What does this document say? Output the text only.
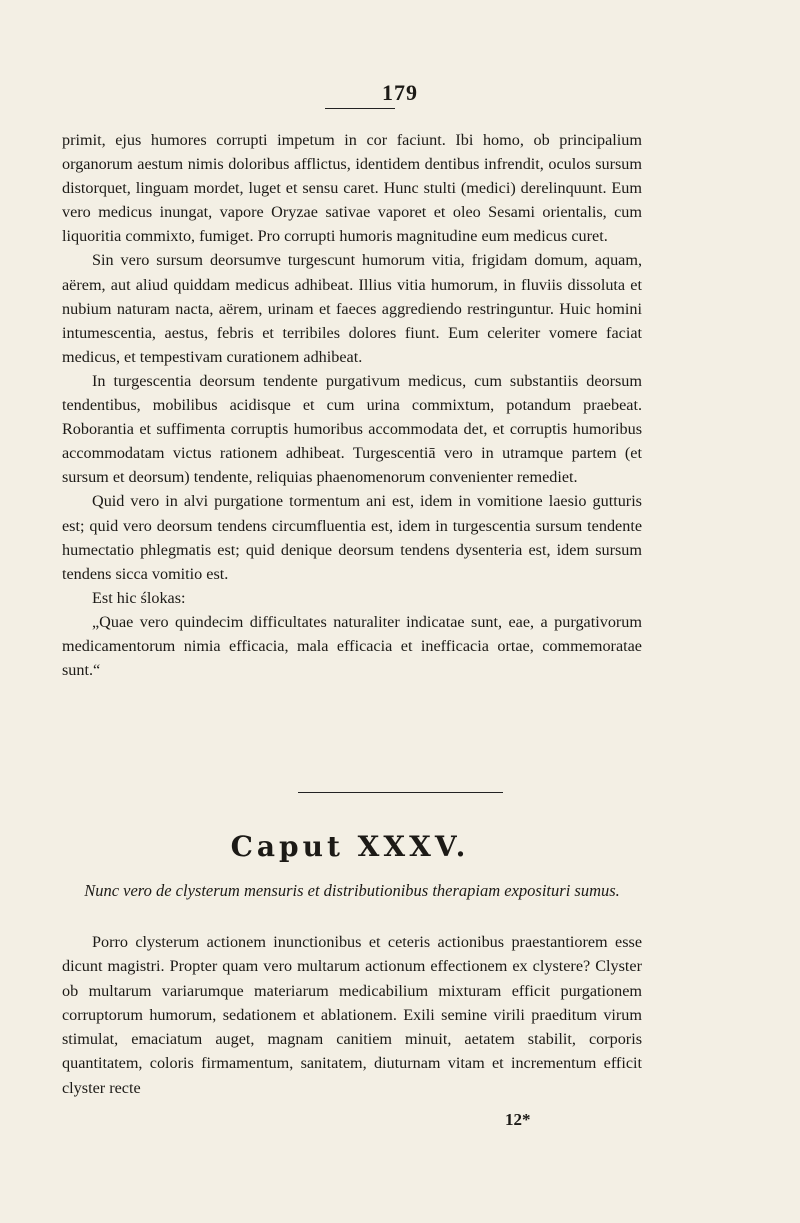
179

primit, ejus humores corrupti impetum in cor faciunt. Ibi homo, ob principalium organorum aestum nimis doloribus afflictus, identidem dentibus infrendit, oculos sursum distorquet, linguam mordet, luget et sensu caret. Hunc stulti (medici) derelinquunt. Eum vero medicus inungat, vapore Oryzae sativae vaporet et oleo Sesami orientalis, cum liquoritia commixto, fumiget. Pro corrupti humoris magnitudine eum medicus curet.

Sin vero sursum deorsumve turgescunt humorum vitia, frigidam domum, aquam, aërem, aut aliud quiddam medicus adhibeat. Illius vitia humorum, in fluviis dissoluta et nubium naturam nacta, aërem, urinam et faeces aggrediendo restringuntur. Huic homini intumescentia, aestus, febris et terribiles dolores fiunt. Eum celeriter vomere faciat medicus, et tempestivam curationem adhibeat.

In turgescentia deorsum tendente purgativum medicus, cum substantiis deorsum tendentibus, mobilibus acidisque et cum urina commixtum, potandum praebeat. Roborantia et suffimenta corruptis humoribus accommodata det, et corruptis humoribus accommodatam victus rationem adhibeat. Turgescentiā vero in utramque partem (et sursum et deorsum) tendente, reliquias phaenomenorum convenienter remediet.

Quid vero in alvi purgatione tormentum ani est, idem in vomitione laesio gutturis est; quid vero deorsum tendens circumfluentia est, idem in turgescentia sursum tendente humectatio phlegmatis est; quid denique deorsum tendens dysenteria est, idem sursum tendens sicca vomitio est.

Est hic ślokas:

„Quae vero quindecim difficultates naturaliter indicatae sunt, eae, a purgativorum medicamentorum nimia efficacia, mala efficacia et inefficacia ortae, commemoratae sunt.“

Caput XXXV.
Nunc vero de clysterum mensuris et distributionibus therapiam exposituri sumus.

Porro clysterum actionem inunctionibus et ceteris actionibus praestantiorem esse dicunt magistri. Propter quam vero multarum actionum effectionem ex clystere? Clyster ob multarum variarumque materiarum medicabilium mixturam efficit purgationem corruptorum humorum, sedationem et ablationem. Exili semine virili praeditum virum stimulat, emaciatum auget, magnam canitiem minuit, aetatem stabilit, corporis quantitatem, coloris firmamentum, sanitatem, diuturnam vitam et incrementum efficit clyster recte

12*
